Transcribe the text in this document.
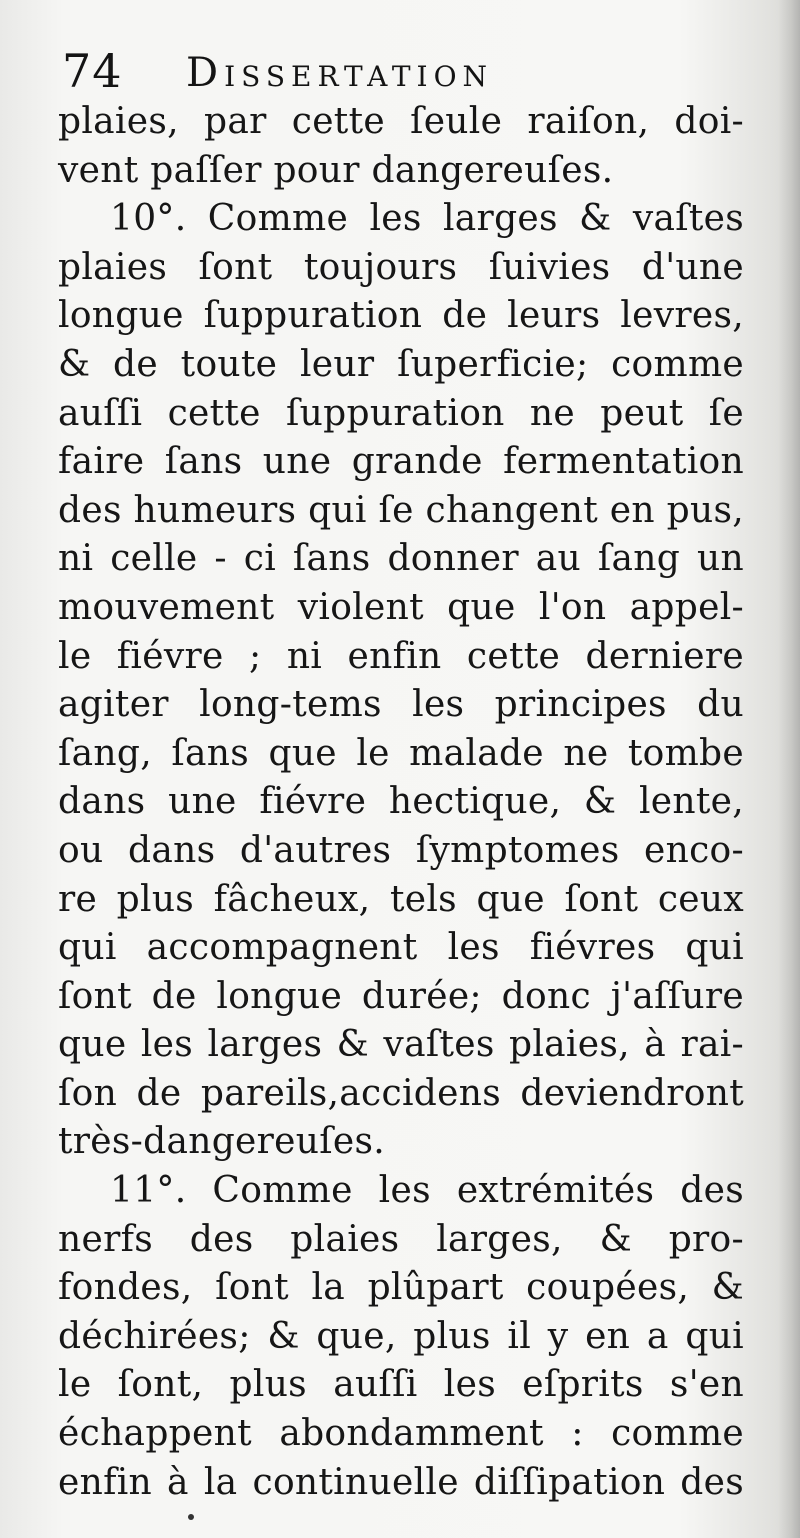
74 Dissertation
plaies, par cette ſeule raiſon, doi-
vent paſſer pour dangereuſes.
10°. Comme les larges & vaſtes
plaies ſont toujours ſuivies d'une
longue ſuppuration de leurs levres,
& de toute leur ſuperficie; comme
auſſi cette ſuppuration ne peut ſe
faire ſans une grande fermentation
des humeurs qui ſe changent en pus,
ni celle - ci ſans donner au ſang un
mouvement violent que l'on appel-
le fiévre ; ni enfin cette derniere
agiter long-tems les principes du
ſang, ſans que le malade ne tombe
dans une fiévre hectique, & lente,
ou dans d'autres ſymptomes enco-
re plus fâcheux, tels que ſont ceux
qui accompagnent les fiévres qui
ſont de longue durée; donc j'aſſure
que les larges & vaſtes plaies, à rai-
ſon de pareils,accidens deviendront
très-dangereuſes.
11°. Comme les extrémités des
nerfs des plaies larges, & pro-
fondes, ſont la plûpart coupées, &
déchirées; & que, plus il y en a qui
le ſont, plus auſſi les eſprits s'en
échappent abondamment : comme
enfin à la continuelle diſſipation des
